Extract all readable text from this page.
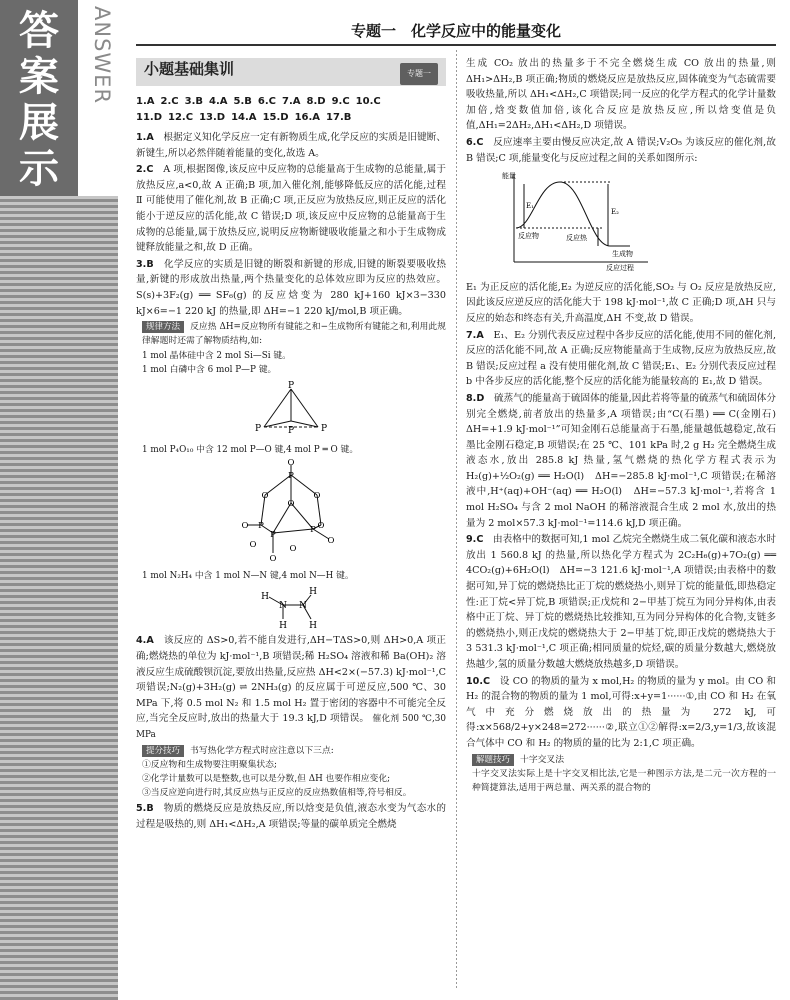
答
案
展
示
ANSWER	专题一　化学反应中的能量变化
小题基础集训	专题一
1.A 2.C 3.B 4.A 5.B 6.C 7.A 8.D 9.C 10.C
11.D 12.C 13.D 14.A 15.D 16.A 17.B

1.A　 根据定义知化学反应一定有新物质生成,化学反应的实质是旧键断、新键生,所以必然伴随着能量的变化,故选 A。

2.C　 A 项,根据图像,该反应中反应物的总能量高于生成物的总能量,属于放热反应,a<0,故 A 正确;B 项,加入催化剂,能够降低反应的活化能,过程 Ⅱ 可能使用了催化剂,故 B 正确;C 项,正反应为放热反应,则正反应的活化能小于逆反应的活化能,故 C 错误;D 项,该反应中反应物的总能量高于生成物的总能量,属于放热反应,说明反应物断键吸收能量之和小于生成物成键释放能量之和,故 D 正确。

3.B　 化学反应的实质是旧键的断裂和新键的形成,旧键的断裂要吸收热量,新键的形成放出热量,两个热量变化的总体效应即为反应的热效应。S(s)+3F₂(g) ══ SF₆(g) 的反应焓变为 280 kJ+160 kJ×3−330 kJ×6=−1 220 kJ 的热量,即 ΔH=−1 220 kJ/mol,B 项正确。

规律方法 反应热 ΔH=反应物所有键能之和−生成物所有键能之和,利用此规律解题时还需了解物质结构,如:

1 mol 晶体硅中含 2 mol Si—Si 键。

1 mol 白磷中含 6 mol P—P 键。

P
P	P
P

1 mol P₄O₁₀ 中含 12 mol P—O 键,4 mol P ═ O 键。

P
P	P
P
O
O	O
O
O
O
O
O
O
O

1 mol N₂H₄ 中含 1 mol N—N 键,4 mol N—H 键。

H
N N
H
H H

4.A　 该反应的 ΔS>0,若不能自发进行,ΔH−TΔS>0,则 ΔH>0,A 项正确;燃烧热的单位为 kJ·mol⁻¹,B 项错误;稀 H₂SO₄ 溶液和稀 Ba(OH)₂ 溶液反应生成硫酸钡沉淀,要放出热量,反应热 ΔH<2×(−57.3) kJ·mol⁻¹,C 项错误;N₂(g)+3H₂(g) ⇌ 2NH₃(g) 的反应属于可逆反应,500 ℃、30 MPa 下,将 0.5 mol N₂ 和 1.5 mol H₂ 置于密闭的容器中不可能完全反应,当完全反应时,放出的热量大于 19.3 kJ,D 项错误。 催化剂 500 ℃,30 MPa

提分技巧 书写热化学方程式时应注意以下三点:

①反应物和生成物要注明聚集状态;

②化学计量数可以是整数,也可以是分数,但 ΔH 也要作相应变化;

③当反应逆向进行时,其反应热与正反应的反应热数值相等,符号相反。

5.B　 物质的燃烧反应是放热反应,所以焓变是负值,液态水变为气态水的过程是吸热的,则 ΔH₁<ΔH₂,A 项错误;等量的碳单质完全燃烧

生成 CO₂ 放出的热量多于不完全燃烧生成 CO 放出的热量,则 ΔH₁>ΔH₂,B 项正确;物质的燃烧反应是放热反应,固体硫变为气态硫需要吸收热量,所以 ΔH₁<ΔH₂,C 项错误;同一反应的化学方程式的化学计量数加倍,焓变数值加倍,该化合反应是放热反应,所以焓变值是负值,ΔH₁=2ΔH₂,ΔH₁<ΔH₂,D 项错误。

6.C　 反应速率主要由慢反应决定,故 A 错误;V₂O₅ 为该反应的催化剂,故 B 错误;C 项,能量变化与反应过程之间的关系如图所示:

能量
E₁
E₂
反应物	反应热
生成物
反应过程

E₁ 为正反应的活化能,E₂ 为逆反应的活化能,SO₂ 与 O₂ 反应是放热反应,因此该反应逆反应的活化能大于 198 kJ·mol⁻¹,故 C 正确;D 项,ΔH 只与反应的始态和终态有关,升高温度,ΔH 不变,故 D 错误。

7.A　 E₁、E₂ 分别代表反应过程中各步反应的活化能,使用不同的催化剂,反应的活化能不同,故 A 正确;反应物能量高于生成物,反应为放热反应,故 B 错误;反应过程 a 没有使用催化剂,故 C 错误;E₁、E₂ 分别代表反应过程 b 中各步反应的活化能,整个反应的活化能为能量较高的 E₁,故 D 错误。

8.D　 硫蒸气的能量高于硫固体的能量,因此若将等量的硫蒸气和硫固体分别完全燃烧,前者放出的热量多,A 项错误;由“C(石墨) ══ C(金刚石)　ΔH=+1.9 kJ·mol⁻¹”可知金刚石总能量高于石墨,能量越低越稳定,故石墨比金刚石稳定,B 项错误;在 25 ℃、101 kPa 时,2 g H₂ 完全燃烧生成液态水,放出 285.8 kJ 热量,氢气燃烧的热化学方程式表示为 H₂(g)+½O₂(g) ══ H₂O(l)　ΔH=−285.8 kJ·mol⁻¹,C 项错误;在稀溶液中,H⁺(aq)+OH⁻(aq) ══ H₂O(l)　ΔH=−57.3 kJ·mol⁻¹,若将含 1 mol H₂SO₄ 与含 2 mol NaOH 的稀溶液混合生成 2 mol 水,放出的热量为 2 mol×57.3 kJ·mol⁻¹=114.6 kJ,D 项正确。

9.C　 由表格中的数据可知,1 mol 乙烷完全燃烧生成二氧化碳和液态水时放出 1 560.8 kJ 的热量,所以热化学方程式为 2C₂H₆(g)+7O₂(g) ══ 4CO₂(g)+6H₂O(l)　ΔH=−3 121.6 kJ·mol⁻¹,A 项错误;由表格中的数据可知,异丁烷的燃烧热比正丁烷的燃烧热小,则异丁烷的能量低,即热稳定性:正丁烷<异丁烷,B 项错误;正戊烷和 2−甲基丁烷互为同分异构体,由表格中正丁烷、异丁烷的燃烧热比较推知,互为同分异构体的化合物,支链多的燃烧热小,则正戊烷的燃烧热大于 2−甲基丁烷,即正戊烷的燃烧热大于 3 531.3 kJ·mol⁻¹,C 项正确;相同质量的烷烃,碳的质量分数越大,燃烧放热越少,氢的质量分数越大燃烧放热越多,D 项错误。

10.C　 设 CO 的物质的量为 x mol,H₂ 的物质的量为 y mol。由 CO 和 H₂ 的混合物的物质的量为 1 mol,可得:x+y=1······①,由 CO 和 H₂ 在氧气中充分燃烧放出的热量为 272 kJ,可得:x×568/2+y×248=272······②,联立①②解得:x=2/3,y=1/3,故该混合气体中 CO 和 H₂ 的物质的量的比为 2:1,C 项正确。

解题技巧 十字交叉法

十字交叉法实际上是十字交叉相比法,它是一种图示方法,是二元一次方程的一种简捷算法,适用于两总量、两关系的混合物的
